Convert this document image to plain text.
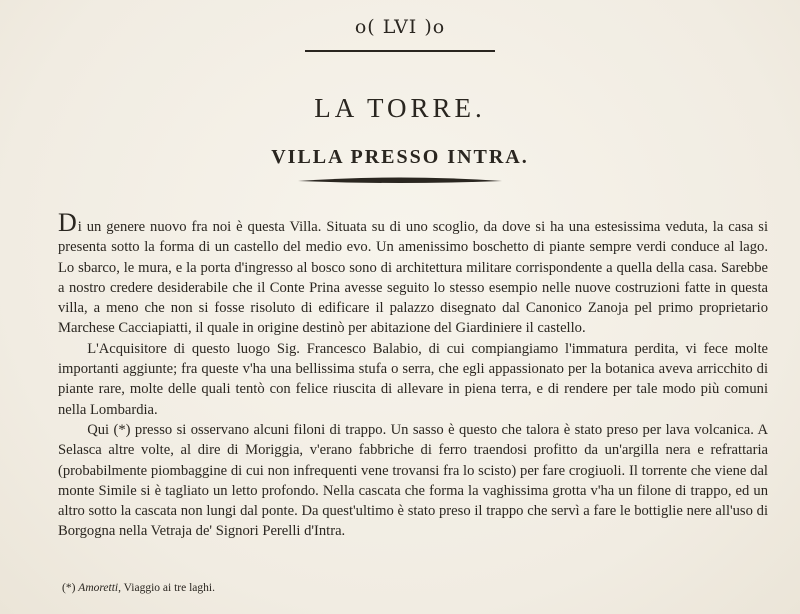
o( LVI )o
LA TORRE.
VILLA PRESSO INTRA.

Di un genere nuovo fra noi è questa Villa. Situata su di uno scoglio, da dove si ha una estesissima veduta, la casa si presenta sotto la forma di un castello del medio evo. Un amenissimo boschetto di piante sempre verdi conduce al lago. Lo sbarco, le mura, e la porta d'ingresso al bosco sono di architettura militare corrispondente a quella della casa. Sarebbe a nostro credere desiderabile che il Conte Prina avesse seguito lo stesso esempio nelle nuove costruzioni fatte in questa villa, a meno che non si fosse risoluto di edificare il palazzo disegnato dal Canonico Zanoja pel primo proprietario Marchese Cacciapiatti, il quale in origine destinò per abitazione del Giardiniere il castello.

L'Acquisitore di questo luogo Sig. Francesco Balabio, di cui compiangiamo l'immatura perdita, vi fece molte importanti aggiunte; fra queste v'ha una bellissima stufa o serra, che egli appassionato per la botanica aveva arricchito di piante rare, molte delle quali tentò con felice riuscita di allevare in piena terra, e di rendere per tale modo più comuni nella Lombardia.

Qui (*) presso si osservano alcuni filoni di trappo. Un sasso è questo che talora è stato preso per lava volcanica. A Selasca altre volte, al dire di Moriggia, v'erano fabbriche di ferro traendosi profitto da un'argilla nera e refrattaria (probabilmente piombaggine di cui non infrequenti vene trovansi fra lo scisto) per fare crogiuoli. Il torrente che viene dal monte Simile si è tagliato un letto profondo. Nella cascata che forma la vaghissima grotta v'ha un filone di trappo, ed un altro sotto la cascata non lungi dal ponte. Da quest'ultimo è stato preso il trappo che servì a fare le bottiglie nere all'uso di Borgogna nella Vetraja de' Signori Perelli d'Intra.

(*) Amoretti, Viaggio ai tre laghi.
